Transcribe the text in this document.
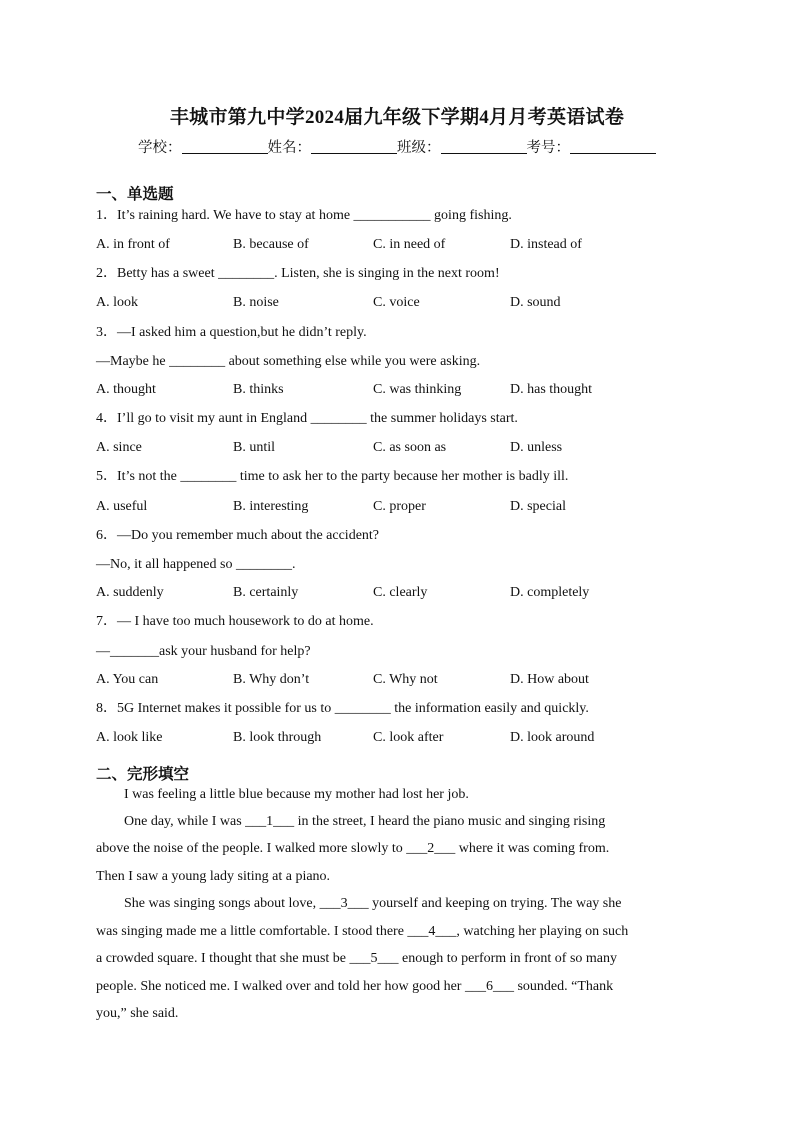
丰城市第九中学2024届九年级下学期4月月考英语试卷
学校：	姓名：	班级：	考号：
一、单选题
1．It’s raining hard. We have to stay at home ___________ going fishing.
A. in front of	B. because of	C. in need of	D. instead of
2．Betty has a sweet ________. Listen, she is singing in the next room!
A. look	B. noise	C. voice	D. sound
3．—I asked him a question,but he didn’t reply.
—Maybe he ________ about something else while you were asking.
A. thought	B. thinks	C. was thinking	D. has thought
4．I’ll go to visit my aunt in England ________ the summer holidays start.
A. since	B. until	C. as soon as	D. unless
5．It’s not the ________ time to ask her to the party because her mother is badly ill.
A. useful	B. interesting	C. proper	D. special
6．—Do you remember much about the accident?
—No, it all happened so ________.
A. suddenly	B. certainly	C. clearly	D. completely
7．— I have too much housework to do at home.
—_______ask your husband for help?
A. You can	B. Why don’t	C. Why not	D. How about
8．5G Internet makes it possible for us to ________ the information easily and quickly.
A. look like	B. look through	C. look after	D. look around
二、完形填空
I was feeling a little blue because my mother had lost her job.
One day, while I was ___1___ in the street, I heard the piano music and singing rising
above the noise of the people. I walked more slowly to ___2___ where it was coming from.
Then I saw a young lady siting at a piano.
She was singing songs about love, ___3___ yourself and keeping on trying. The way she
was singing made me a little comfortable. I stood there ___4___, watching her playing on such
a crowded square. I thought that she must be ___5___ enough to perform in front of so many
people. She noticed me. I walked over and told her how good her ___6___ sounded. “Thank
you,” she said.
